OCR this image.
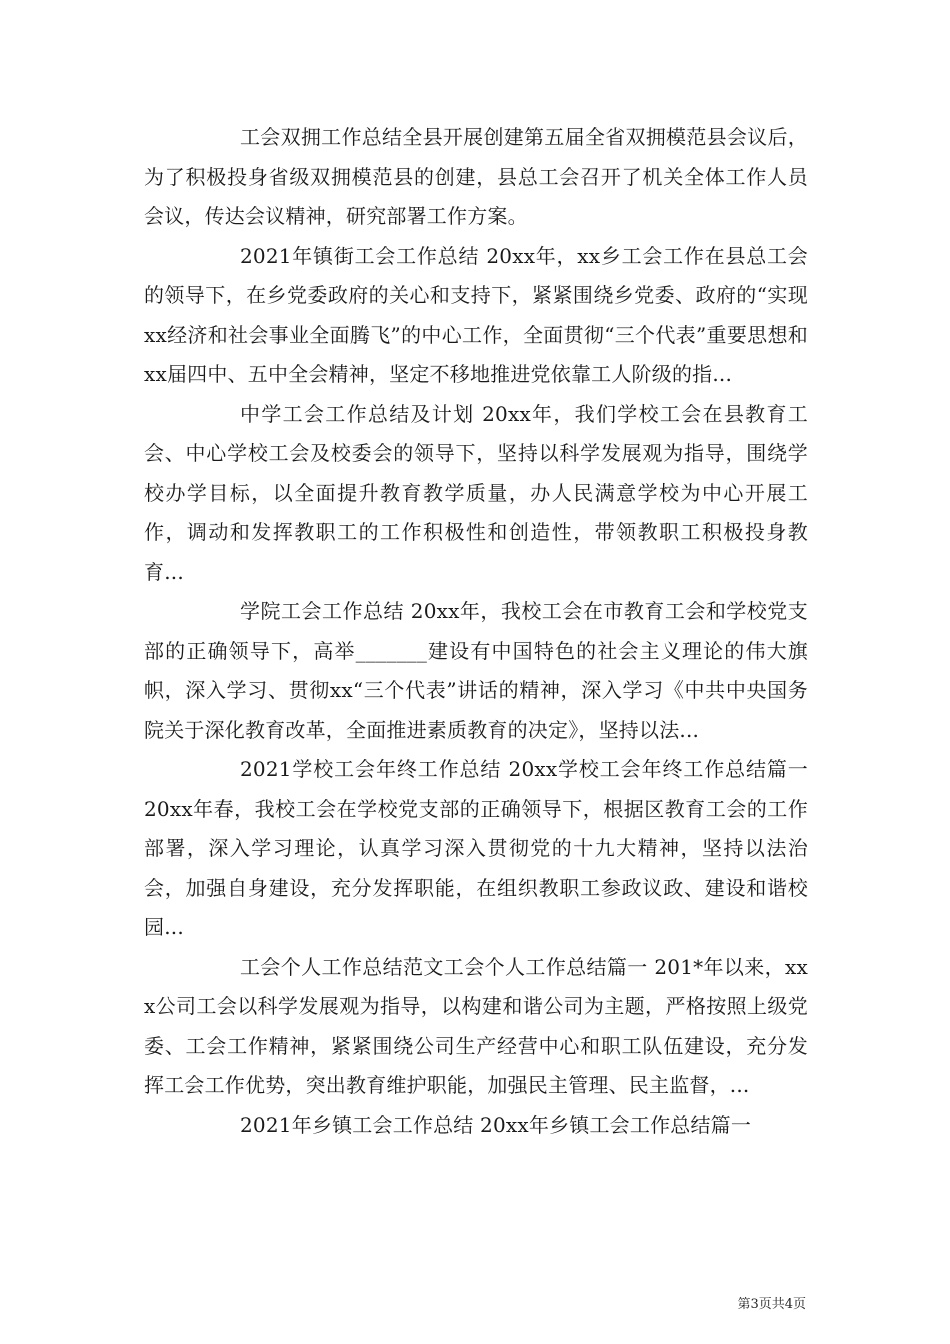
工会双拥工作总结全县开展创建第五届全省双拥模范县会议后，为了积极投身省级双拥模范县的创建，县总工会召开了机关全体工作人员会议，传达会议精神，研究部署工作方案。

2021年镇街工会工作总结 20xx年，xx乡工会工作在县总工会的领导下，在乡党委政府的关心和支持下，紧紧围绕乡党委、政府的“实现xx经济和社会事业全面腾飞”的中心工作，全面贯彻“三个代表”重要思想和xx届四中、五中全会精神，坚定不移地推进党依靠工人阶级的指...

中学工会工作总结及计划 20xx年，我们学校工会在县教育工会、中心学校工会及校委会的领导下，坚持以科学发展观为指导，围绕学校办学目标，以全面提升教育教学质量，办人民满意学校为中心开展工作，调动和发挥教职工的工作积极性和创造性，带领教职工积极投身教育...

学院工会工作总结 20xx年，我校工会在市教育工会和学校党支部的正确领导下，高举_______建设有中国特色的社会主义理论的伟大旗帜，深入学习、贯彻xx“三个代表”讲话的精神，深入学习《中共中央国务院关于深化教育改革，全面推进素质教育的决定》，坚持以法...

2021学校工会年终工作总结 20xx学校工会年终工作总结篇一 20xx年春，我校工会在学校党支部的正确领导下，根据区教育工会的工作部署，深入学习理论，认真学习深入贯彻党的十九大精神，坚持以法治会，加强自身建设，充分发挥职能，在组织教职工参政议政、建设和谐校园...

工会个人工作总结范文工会个人工作总结篇一 201*年以来，xxx公司工会以科学发展观为指导，以构建和谐公司为主题，严格按照上级党委、工会工作精神，紧紧围绕公司生产经营中心和职工队伍建设，充分发挥工会工作优势，突出教育维护职能，加强民主管理、民主监督，...

2021年乡镇工会工作总结 20xx年乡镇工会工作总结篇一

第3页共4页
